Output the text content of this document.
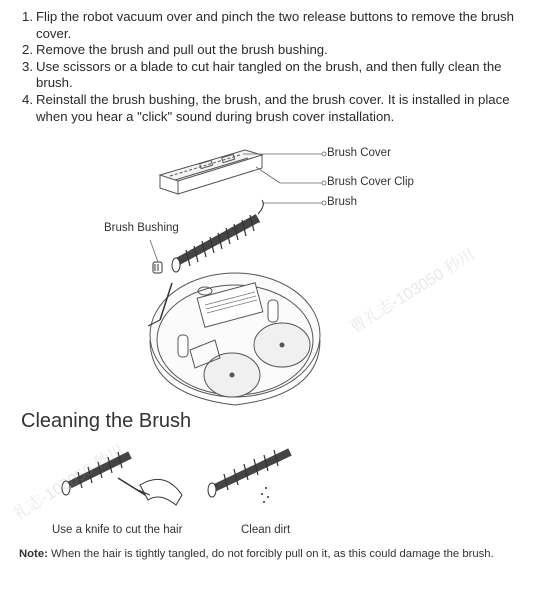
1. Flip the robot vacuum over and pinch the two release buttons to remove the brush cover.
2. Remove the brush and pull out the brush bushing.
3. Use scissors or a blade to cut hair tangled on the brush, and then fully clean the brush.
4. Reinstall the brush bushing, the brush, and the brush cover. It is installed in place when you hear a "click" sound during brush cover installation.
Brush Cover
Brush Cover Clip
Brush
Brush Bushing
曹礼志-103050 秒川
Cleaning the Brush
礼志-103050 秒川
Use a knife to cut the hair	Clean dirt
Note: When the hair is tightly tangled, do not forcibly pull on it, as this could damage the brush.
